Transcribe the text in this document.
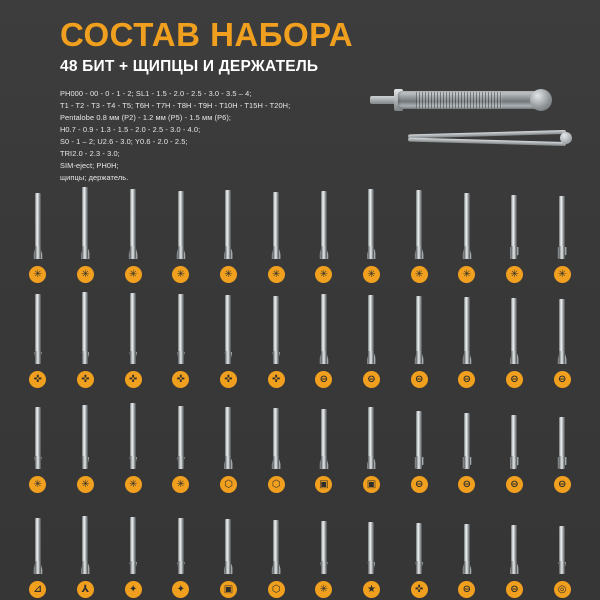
СОСТАВ НАБОРА
48 БИТ + ЩИПЦЫ И ДЕРЖАТЕЛЬ
PH000 - 00 - 0 - 1 - 2; SL1 - 1.5 - 2.0 - 2.5 - 3.0 - 3.5 – 4;
T1 - T2 - T3 - T4 - T5; T6H - T7H - T8H - T9H - T10H - T15H - T20H;
Pentalobe 0.8 мм (P2) - 1.2 мм (P5) - 1.5 мм (P6);
H0.7 - 0.9 - 1.3 - 1.5 - 2.0 - 2.5 - 3.0 - 4.0;
S0 - 1 – 2; U2.6 - 3.0; Y0.6 - 2.0 - 2.5;
TRI2.0 - 2.3 - 3.0;
SIM-eject; PH0H;
щипцы; держатель.
✳	✳	✳	✳	✳	✳	✳	✳	✳	✳	✳	✳
✜	✜	✜	✜	✜	✜	⊖	⊖	⊖	⊖	⊖	⊖
✳	✳	✳	✳	⬡	⬡	▣	▣	⊖	⊖	⊖	⊖
⊿	⅄	✦	✦	▣	⬡	✳	★	✜	⊖	⊖	◎
